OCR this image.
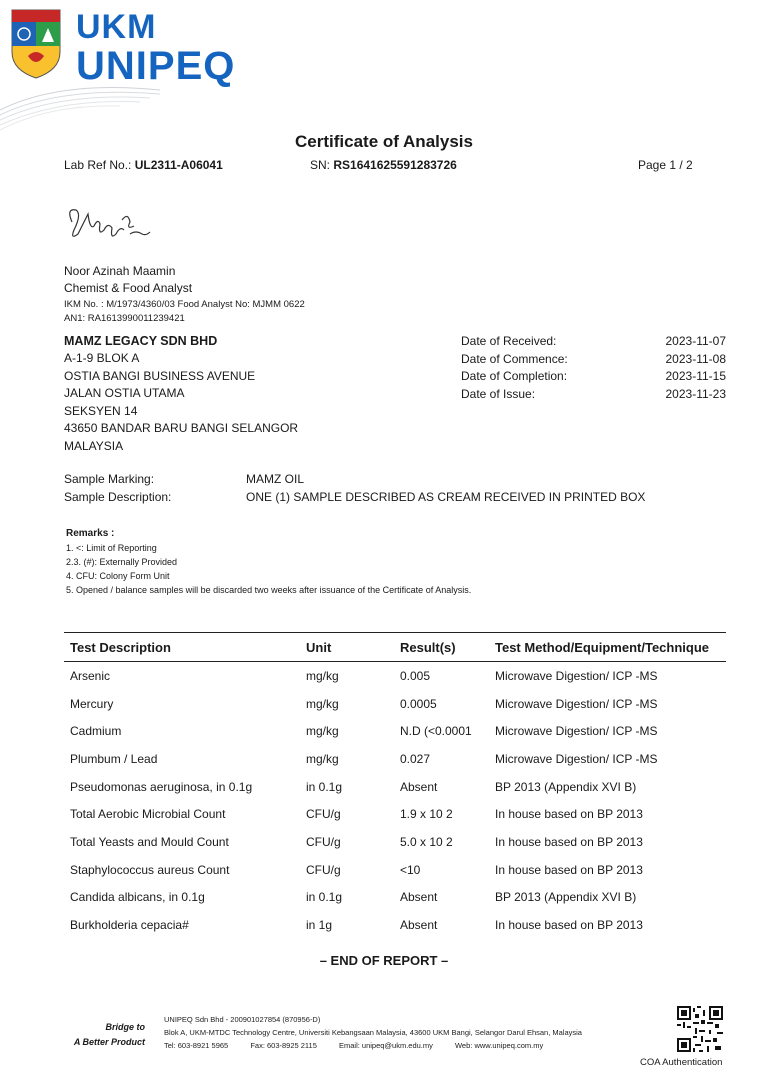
UKM
UNIPEQ
Certificate of Analysis
Lab Ref No.: UL2311-A06041	SN: RS1641625591283726	Page 1 / 2
Noor Azinah Maamin
Chemist & Food Analyst
IKM No. : M/1973/4360/03 Food Analyst No: MJMM 0622
AN1: RA1613990011239421
MAMZ LEGACY SDN BHD
A-1-9 BLOK A
OSTIA BANGI BUSINESS AVENUE
JALAN OSTIA UTAMA
SEKSYEN 14
43650 BANDAR BARU BANGI SELANGOR
MALAYSIA
Date of Received:	2023-11-07
Date of Commence:	2023-11-08
Date of Completion:	2023-11-15
Date of Issue:	2023-11-23
Sample Marking:	MAMZ OIL
Sample Description:	ONE (1) SAMPLE DESCRIBED AS CREAM RECEIVED IN PRINTED BOX
Remarks :
1. <: Limit of Reporting
2.3. (#): Externally Provided
4. CFU: Colony Form Unit
5. Opened / balance samples will be discarded two weeks after issuance of the Certificate of Analysis.
Test Description	Unit	Result(s)	Test Method/Equipment/Technique
Arsenic	mg/kg	0.005	Microwave Digestion/ ICP -MS
Mercury	mg/kg	0.0005	Microwave Digestion/ ICP -MS
Cadmium	mg/kg	N.D (<0.0001	Microwave Digestion/ ICP -MS
Plumbum / Lead	mg/kg	0.027	Microwave Digestion/ ICP -MS
Pseudomonas aeruginosa, in 0.1g	in 0.1g	Absent	BP 2013 (Appendix XVI B)
Total Aerobic Microbial Count	CFU/g	1.9 x 10 2	In house based on BP 2013
Total Yeasts and Mould Count	CFU/g	5.0 x 10 2	In house based on BP 2013
Staphylococcus aureus Count	CFU/g	<10	In house based on BP 2013
Candida albicans, in 0.1g	in 0.1g	Absent	BP 2013 (Appendix XVI B)
Burkholderia cepacia#	in 1g	Absent	In house based on BP 2013
– END OF REPORT –
Bridge to
A Better Product
UNIPEQ Sdn Bhd - 200901027854 (870956-D)
Blok A, UKM-MTDC Technology Centre, Universiti Kebangsaan Malaysia, 43600 UKM Bangi, Selangor Darul Ehsan, Malaysia
Tel: 603-8921 5965	Fax: 603-8925 2115	Email: unipeq@ukm.edu.my	Web: www.unipeq.com.my
COA Authentication
